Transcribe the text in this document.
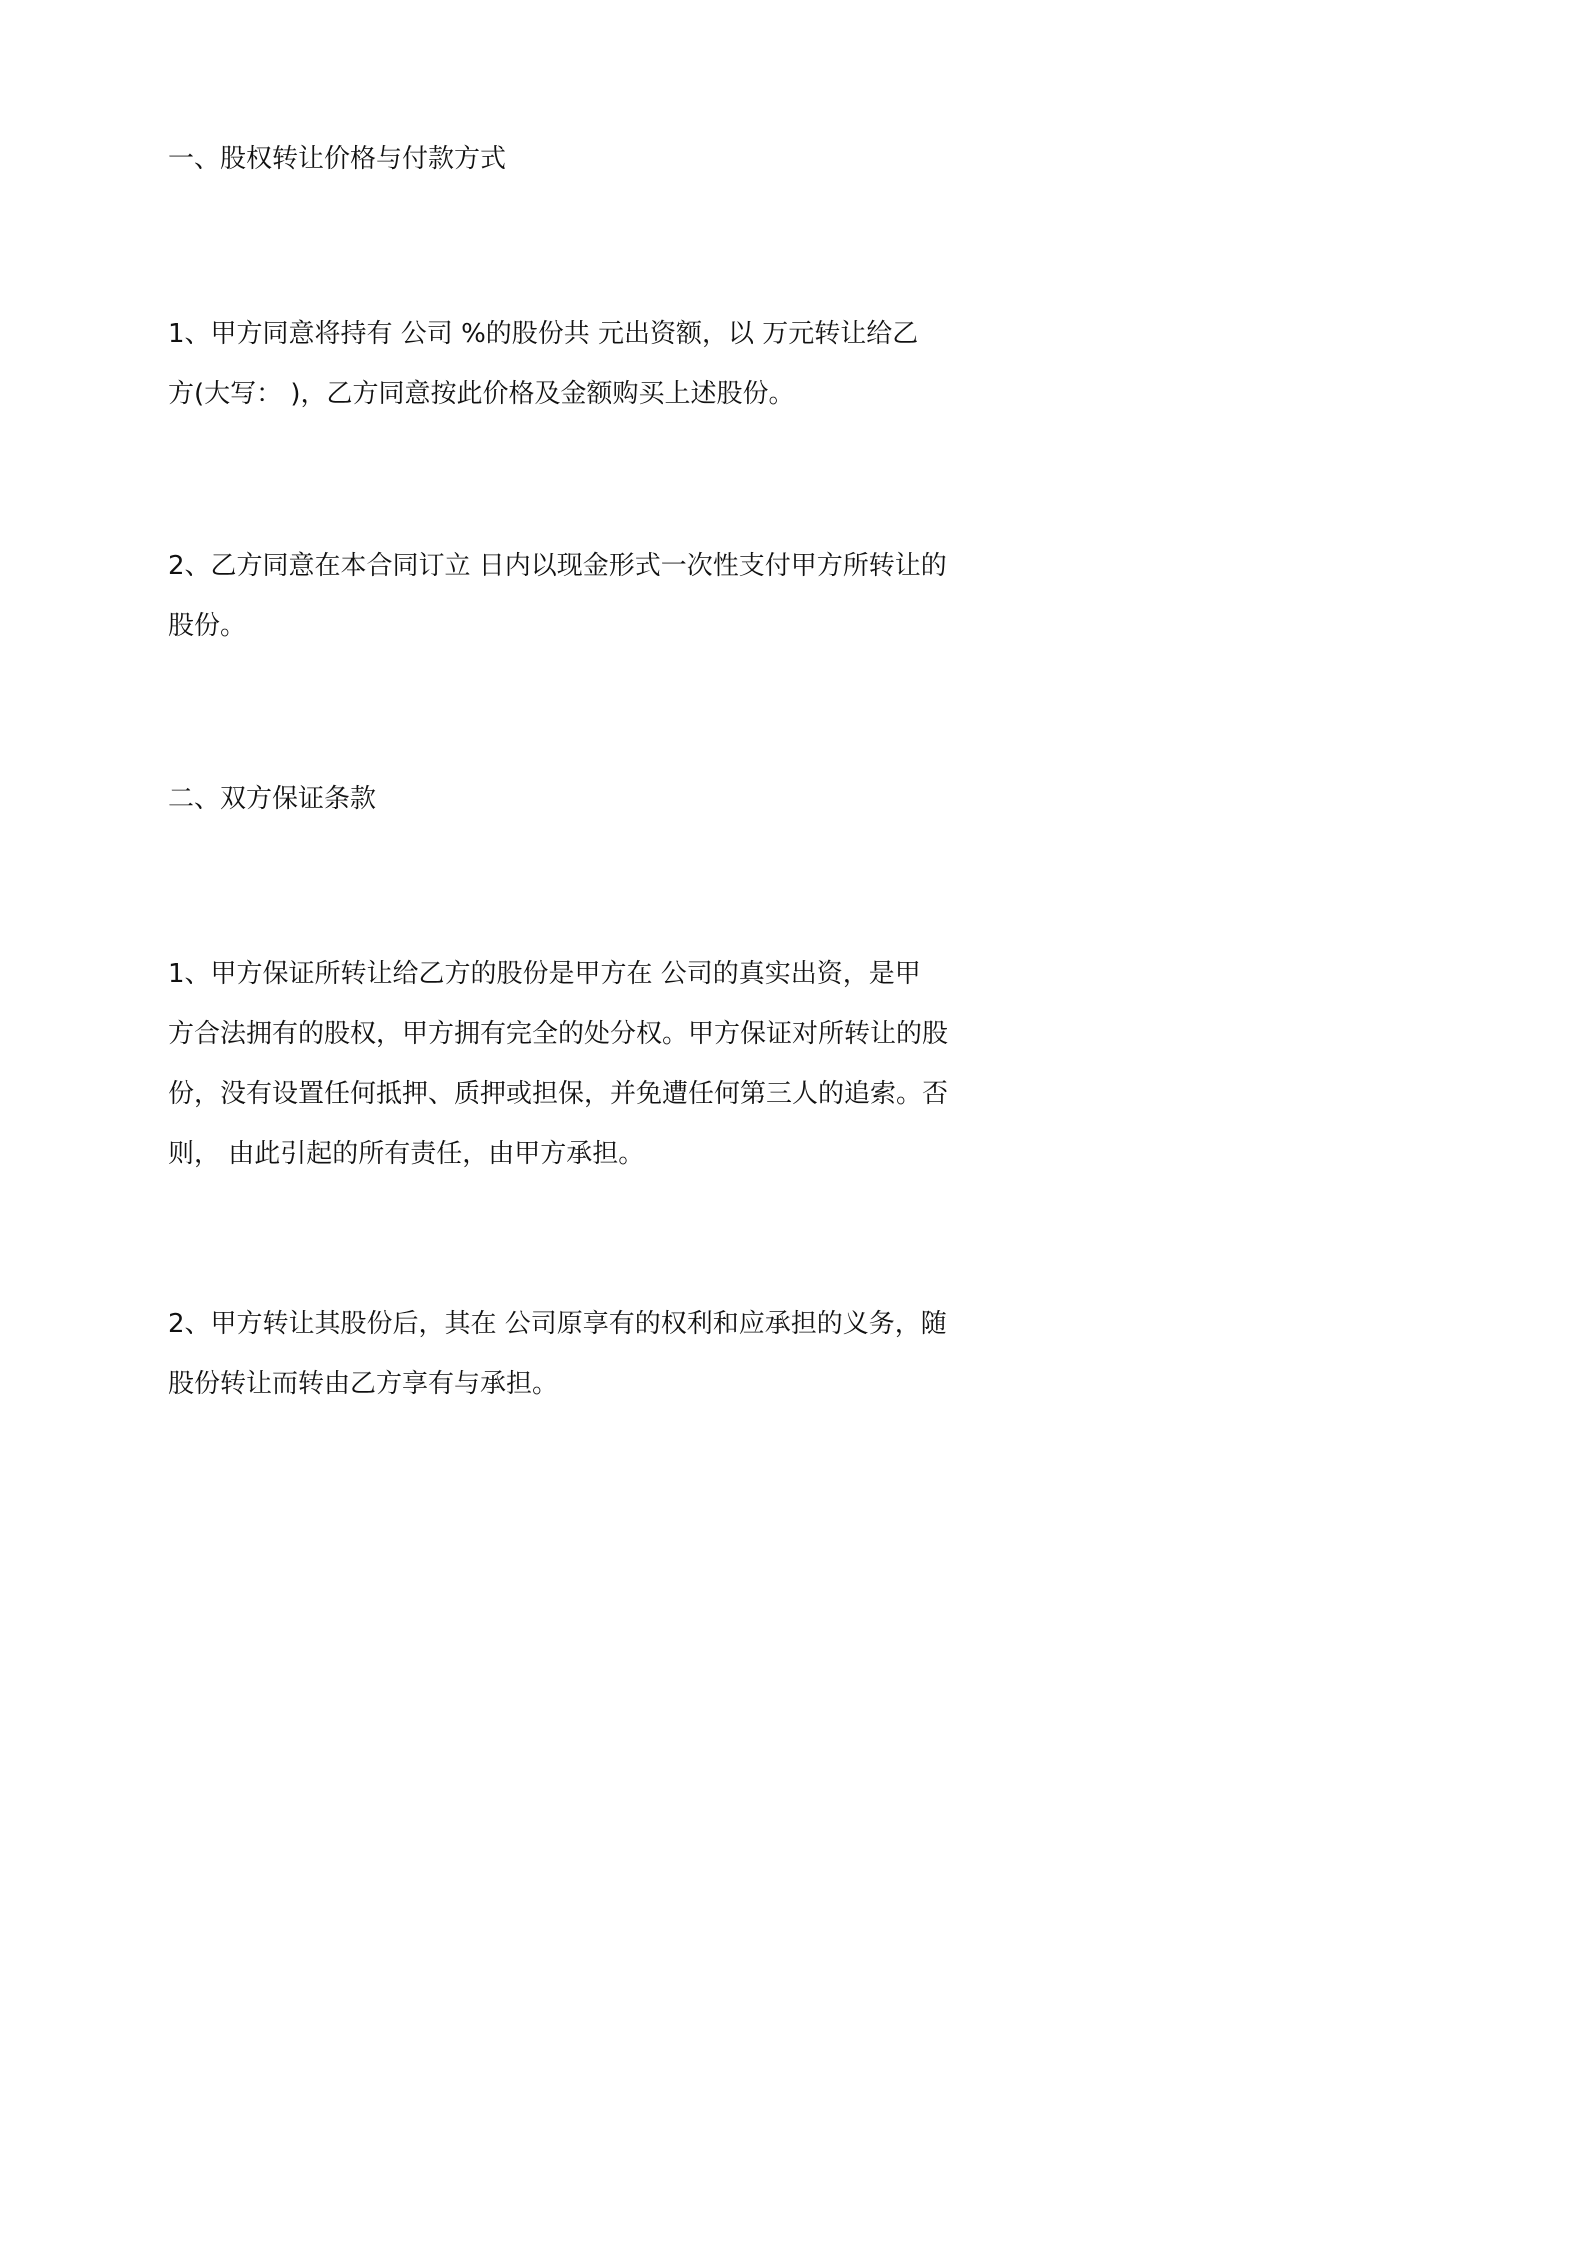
一、股权转让价格与付款方式
1、甲方同意将持有 公司 %的股份共 元出资额，以 万元转让给乙
方(大写： )，乙方同意按此价格及金额购买上述股份。
2、乙方同意在本合同订立 日内以现金形式一次性支付甲方所转让的
股份。
二、双方保证条款
1、甲方保证所转让给乙方的股份是甲方在 公司的真实出资，是甲
方合法拥有的股权，甲方拥有完全的处分权。甲方保证对所转让的股
份，没有设置任何抵押、质押或担保，并免遭任何第三人的追索。否
则， 由此引起的所有责任，由甲方承担。
2、甲方转让其股份后，其在 公司原享有的权利和应承担的义务，随
股份转让而转由乙方享有与承担。
